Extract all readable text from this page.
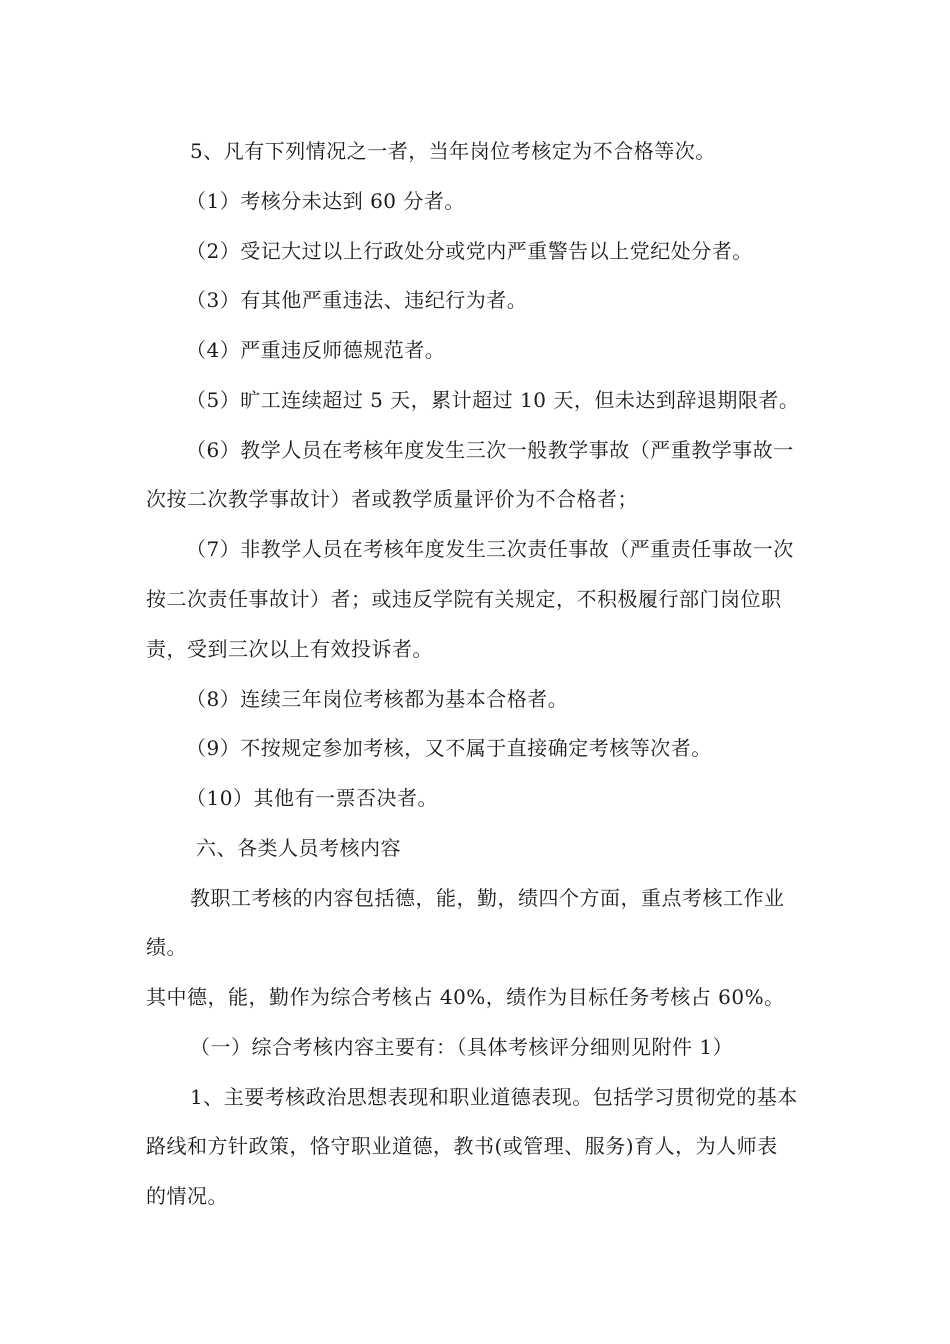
5、凡有下列情况之一者，当年岗位考核定为不合格等次。
（1）考核分未达到 60 分者。
（2）受记大过以上行政处分或党内严重警告以上党纪处分者。
（3）有其他严重违法、违纪行为者。
（4）严重违反师德规范者。
（5）旷工连续超过 5 天，累计超过 10 天，但未达到辞退期限者。
（6）教学人员在考核年度发生三次一般教学事故（严重教学事故一
次按二次教学事故计）者或教学质量评价为不合格者；
（7）非教学人员在考核年度发生三次责任事故（严重责任事故一次
按二次责任事故计）者；或违反学院有关规定，不积极履行部门岗位职
责，受到三次以上有效投诉者。
（8）连续三年岗位考核都为基本合格者。
（9）不按规定参加考核，又不属于直接确定考核等次者。
（10）其他有一票否决者。
六、各类人员考核内容
教职工考核的内容包括德，能，勤，绩四个方面，重点考核工作业
绩。
其中德，能，勤作为综合考核占 40%，绩作为目标任务考核占 60%。
（一）综合考核内容主要有：（具体考核评分细则见附件 1）
1、主要考核政治思想表现和职业道德表现。包括学习贯彻党的基本
路线和方针政策，恪守职业道德，教书(或管理、服务)育人，为人师表
的情况。
